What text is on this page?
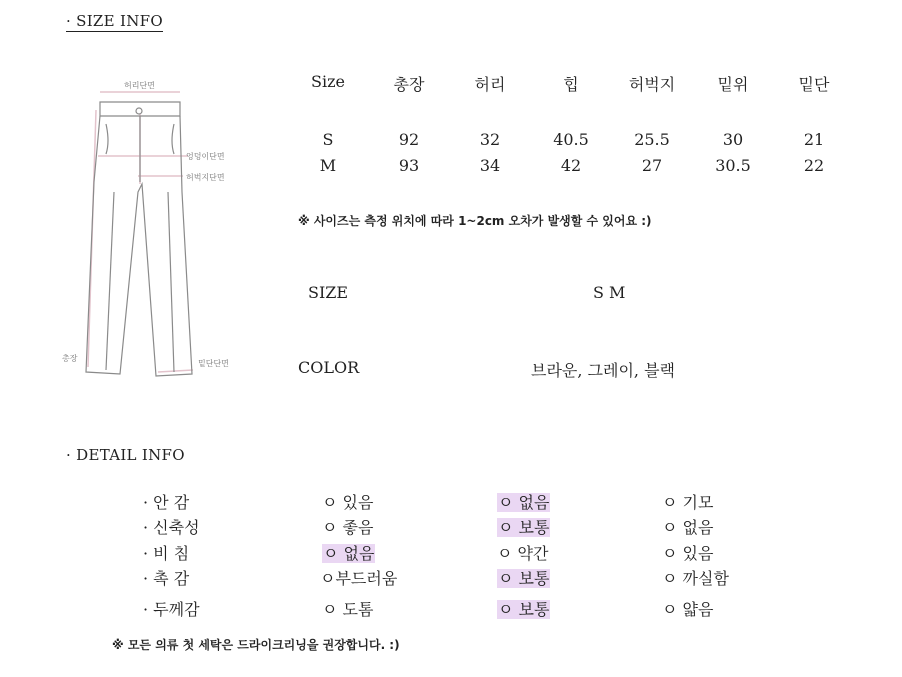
· SIZE INFO
허리단면
엉덩이단면
허벅지단면
총장
밑단단면
Size	총장	허리	힙	허벅지	밑위	밑단
S	92	32	40.5	25.5	30	21
M	93	34	42	27	30.5	22
※ 사이즈는 측정 위치에 따라 1~2cm 오차가 발생할 수 있어요 :)
SIZE	S M
COLOR	브라운, 그레이, 블랙
· DETAIL INFO
· 안 감	ㅇ 있음	ㅇ 없음	ㅇ 기모
· 신축성	ㅇ 좋음	ㅇ 보통	ㅇ 없음
· 비 침	ㅇ 없음	ㅇ 약간	ㅇ 있음
· 촉 감	ㅇ부드러움	ㅇ 보통	ㅇ 까실함
· 두께감	ㅇ 도톰	ㅇ 보통	ㅇ 얇음
※ 모든 의류 첫 세탁은 드라이크리닝을 권장합니다. :)
